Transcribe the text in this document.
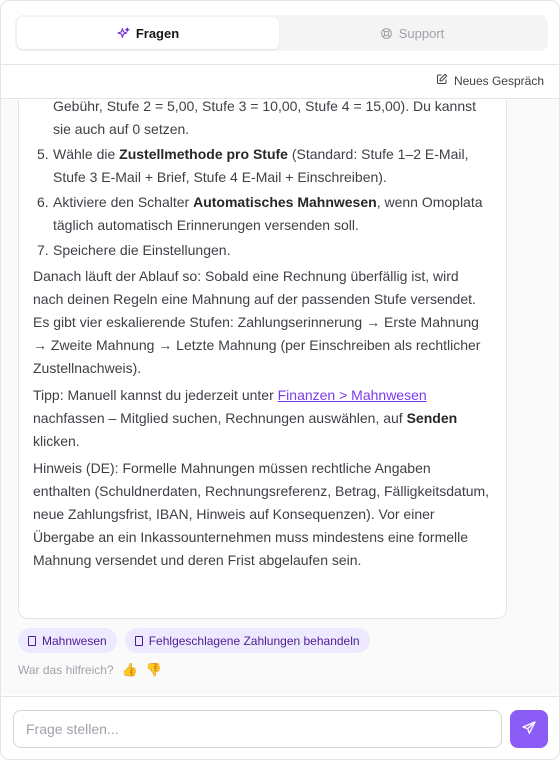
Fragen	Support
Neues Gespräch
Gebühr, Stufe 2 = 5,00, Stufe 3 = 10,00, Stufe 4 = 15,00). Du kannst
sie auch auf 0 setzen.
5. Wähle die Zustellmethode pro Stufe (Standard: Stufe 1–2 E-Mail, Stufe 3 E-Mail + Brief, Stufe 4 E-Mail + Einschreiben).
6. Aktiviere den Schalter Automatisches Mahnwesen, wenn Omoplata täglich automatisch Erinnerungen versenden soll.
7. Speichere die Einstellungen.

Danach läuft der Ablauf so: Sobald eine Rechnung überfällig ist, wird nach deinen Regeln eine Mahnung auf der passenden Stufe versendet. Es gibt vier eskalierende Stufen: Zahlungserinnerung → Erste Mahnung → Zweite Mahnung → Letzte Mahnung (per Einschreiben als rechtlicher Zustellnachweis).

Tipp: Manuell kannst du jederzeit unter Finanzen > Mahnwesen nachfassen – Mitglied suchen, Rechnungen auswählen, auf Senden klicken.

Hinweis (DE): Formelle Mahnungen müssen rechtliche Angaben enthalten (Schuldnerdaten, Rechnungsreferenz, Betrag, Fälligkeitsdatum, neue Zahlungsfrist, IBAN, Hinweis auf Konsequenzen). Vor einer Übergabe an ein Inkassounternehmen muss mindestens eine formelle Mahnung versendet und deren Frist abgelaufen sein.

Mahnwesen	Fehlgeschlagene Zahlungen behandeln
War das hilfreich? 👍 👎
Frage stellen...
